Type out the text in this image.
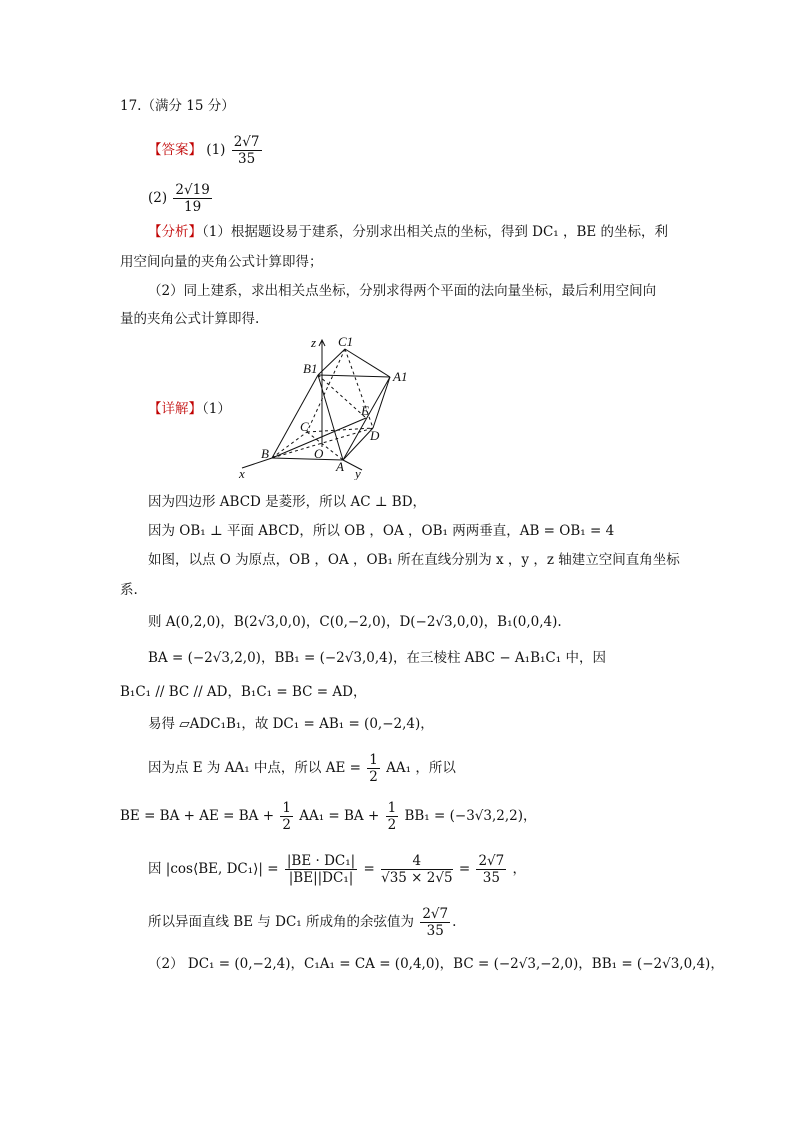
17.（满分 15 分）
【答案】 $(1) \frac{2√7}{35}$
$(2) \frac{2√19}{19}$
【分析】（1）根据题设易于建系，分别求出相关点的坐标，得到 DC₁ ，BE 的坐标，利
用空间向量的夹角公式计算即得；
（2）同上建系，求出相关点坐标，分别求得两个平面的法向量坐标，最后利用空间向
量的夹角公式计算即得.
【详解】（1）
z C1
B1
A1
E
C
D
B	O
A
x	y
因为四边形 ABCD 是菱形，所以 AC ⊥ BD，
因为 OB₁ ⊥ 平面 ABCD，所以 OB ，OA ，OB₁ 两两垂直，AB = OB₁ = 4
如图，以点 O 为原点，OB ，OA ，OB₁ 所在直线分别为 x ，y ，z 轴建立空间直角坐标
系.
则 A(0,2,0)，B(2√3,0,0)，C(0,−2,0)，D(−2√3,0,0)，B₁(0,0,4).
BA = (−2√3,2,0)，BB₁ = (−2√3,0,4)，在三棱柱 ABC − A₁B₁C₁ 中，因
B₁C₁ // BC // AD，B₁C₁ = BC = AD，
易得 ▱ADC₁B₁，故 DC₁ = AB₁ = (0,−2,4)，
因为点 E 为 AA₁ 中点，所以 AE = $\frac{1}{2} AA_1$ ，所以
BE = BA + AE = BA + $\frac{1}{2} AA_1$ = BA + $\frac{1}{2} BB_1 = (-3√3,2,2)$，
因 |cos⟨BE, DC₁⟩| = $\frac{\text{|BE · DC₁|}}{\text{|BE||DC₁|}} = \frac{4}{√35 \times 2√5} = \frac{2√7}{35}$ ，
所以异面直线 BE 与 DC₁ 所成角的余弦值为 $\frac{2√7}{35}$ .
（2） DC₁ = (0,−2,4)，C₁A₁ = CA = (0,4,0)，BC = (−2√3,−2,0)，BB₁ = (−2√3,0,4)，
